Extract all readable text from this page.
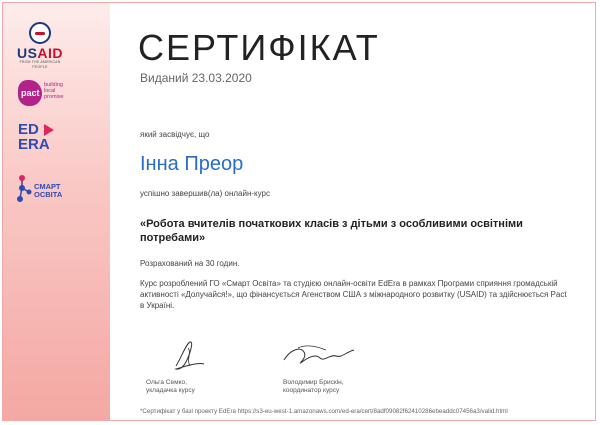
USAID
FROM THE AMERICAN PEOPLE
pact
building
local
promise
ED
ERA
СМАРТ
ОСВІТА
СЕРТИФІКАТ
Виданий 23.03.2020
який засвідчує, що
Інна Преор
успішно завершив(ла) онлайн-курс
«Робота вчителів початкових класів з дітьми з особливими освітніми потребами»
Розрахований на 30 годин.
Курс розроблений ГО «Смарт Освіта» та студією онлайн-освіти EdEra в рамках Програми сприяння громадській активності «Долучайся!», що фінансується Агенством США з міжнародного розвитку (USAID) та здійснюється Pact в Україні.
Ольга Семко,
укладачка курсу
Володимир Брискін,
координатор курсу
*Сертифікат у базі проекту EdEra https://s3-eu-west-1.amazonaws.com/ed-era/cert/8adf09082f62410286ebeaddc07456a3/valid.html
